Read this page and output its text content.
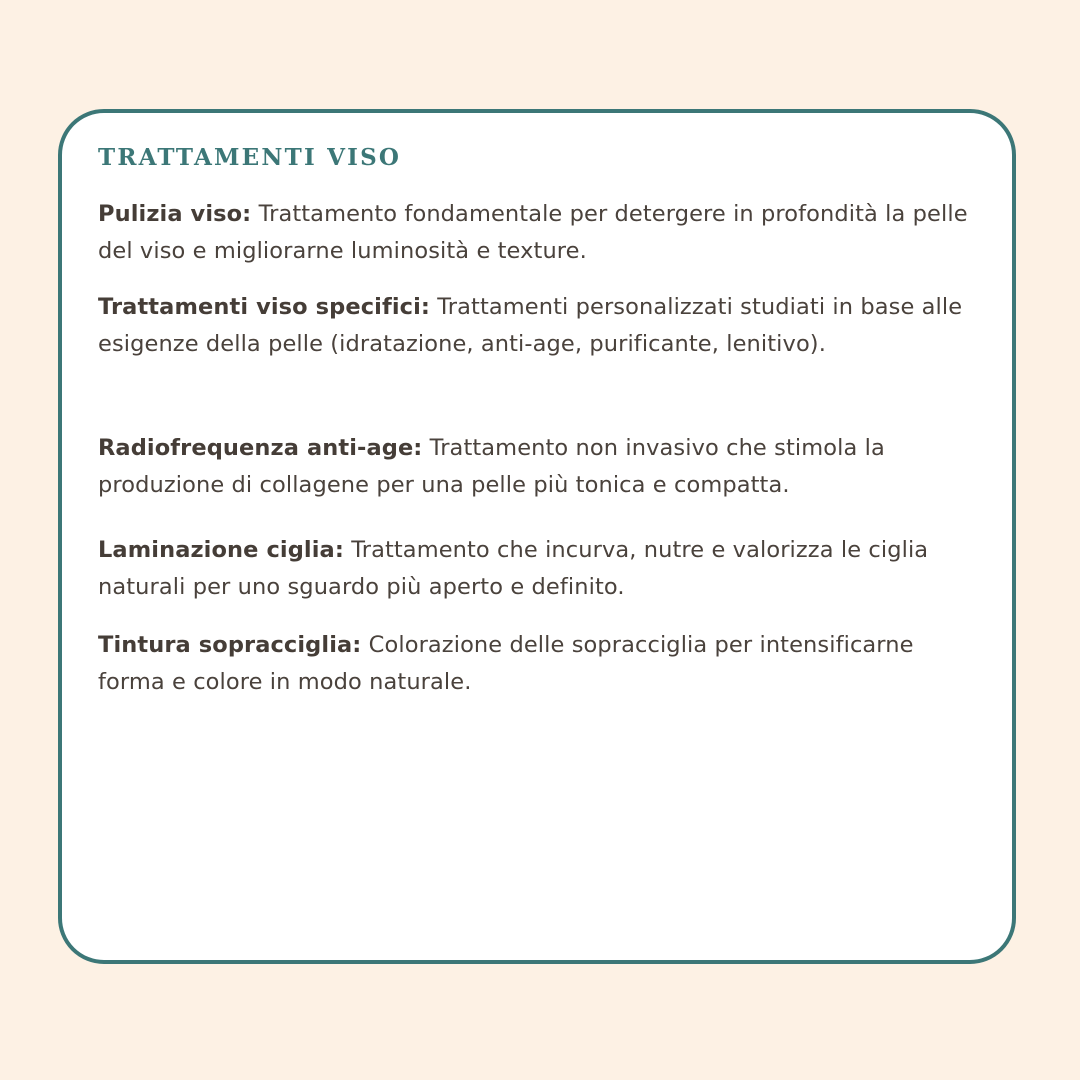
TRATTAMENTI VISO

Pulizia viso: Trattamento fondamentale per detergere in profondità la pelle del viso e migliorarne luminosità e texture.

Trattamenti viso specifici: Trattamenti personalizzati studiati in base alle esigenze della pelle (idratazione, anti-age, purificante, lenitivo).

Radiofrequenza anti-age: Trattamento non invasivo che stimola la produzione di collagene per una pelle più tonica e compatta.

Laminazione ciglia: Trattamento che incurva, nutre e valorizza le ciglia naturali per uno sguardo più aperto e definito.

Tintura sopracciglia: Colorazione delle sopracciglia per intensificarne forma e colore in modo naturale.
